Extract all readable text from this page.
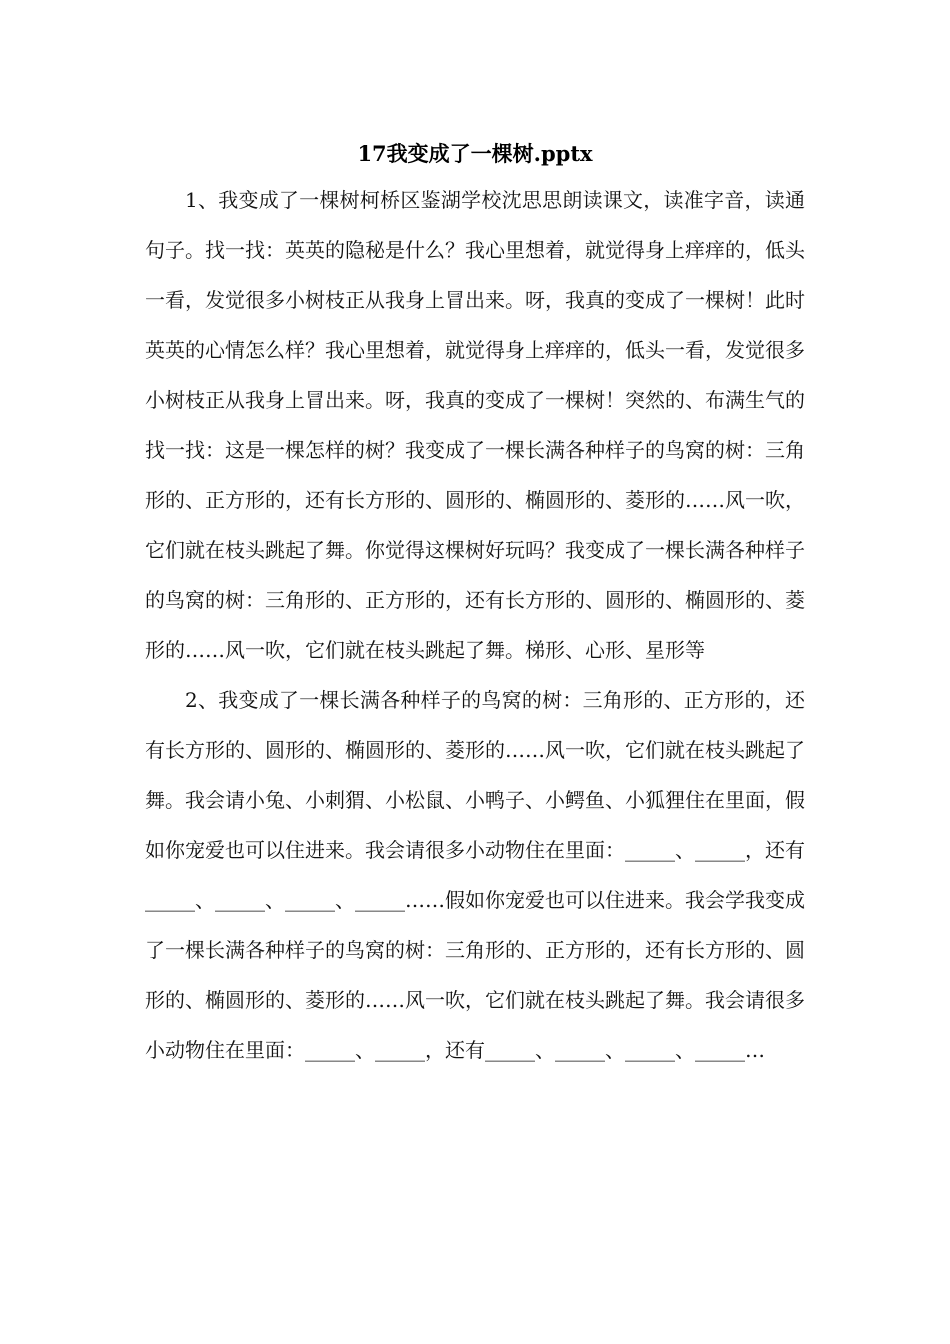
17我变成了一棵树.pptx

1、我变成了一棵树柯桥区鉴湖学校沈思思朗读课文，读准字音，读通句子。找一找：英英的隐秘是什么？我心里想着，就觉得身上痒痒的，低头一看，发觉很多小树枝正从我身上冒出来。呀，我真的变成了一棵树！此时英英的心情怎么样？我心里想着，就觉得身上痒痒的，低头一看，发觉很多小树枝正从我身上冒出来。呀，我真的变成了一棵树！突然的、布满生气的找一找：这是一棵怎样的树？我变成了一棵长满各种样子的鸟窝的树：三角形的、正方形的，还有长方形的、圆形的、椭圆形的、菱形的……风一吹，它们就在枝头跳起了舞。你觉得这棵树好玩吗？我变成了一棵长满各种样子的鸟窝的树：三角形的、正方形的，还有长方形的、圆形的、椭圆形的、菱形的……风一吹，它们就在枝头跳起了舞。梯形、心形、星形等

2、我变成了一棵长满各种样子的鸟窝的树：三角形的、正方形的，还有长方形的、圆形的、椭圆形的、菱形的……风一吹，它们就在枝头跳起了舞。我会请小兔、小刺猬、小松鼠、小鸭子、小鳄鱼、小狐狸住在里面，假如你宠爱也可以住进来。我会请很多小动物住在里面：_____、_____，还有_____、_____、_____、_____……假如你宠爱也可以住进来。我会学我变成了一棵长满各种样子的鸟窝的树：三角形的、正方形的，还有长方形的、圆形的、椭圆形的、菱形的……风一吹，它们就在枝头跳起了舞。我会请很多小动物住在里面：_____、_____，还有_____、_____、_____、_____…
